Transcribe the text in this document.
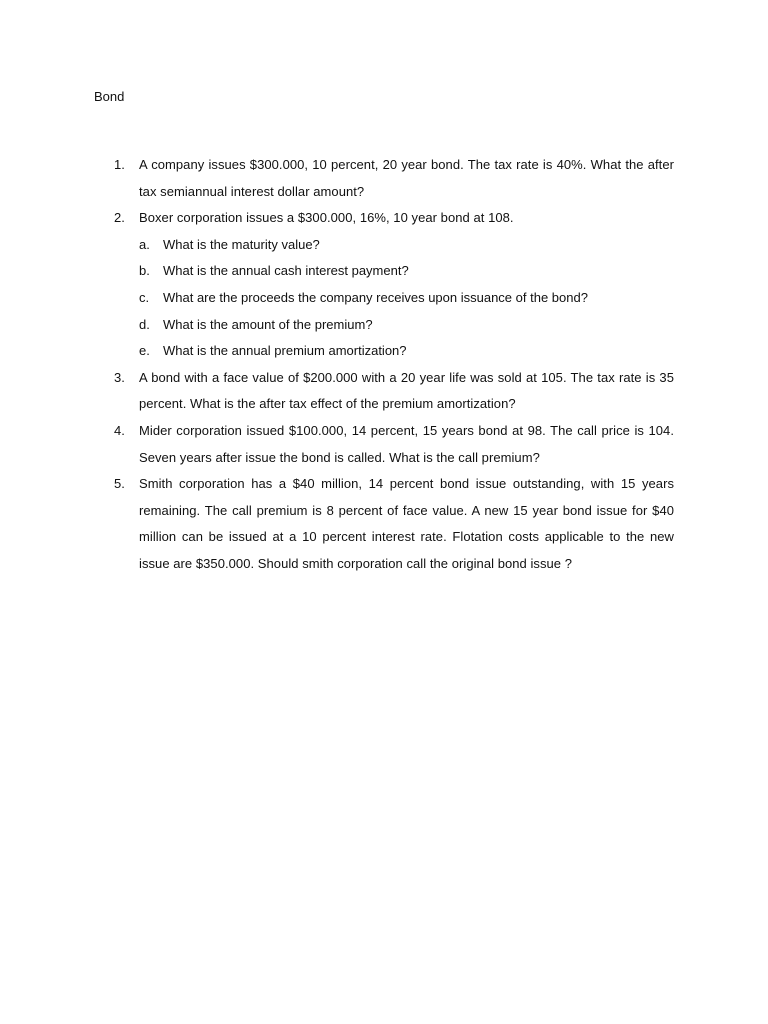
Bond
1. A company issues $300.000, 10 percent, 20 year bond. The tax rate is 40%. What the after tax semiannual interest dollar amount?
2. Boxer corporation issues a $300.000, 16%, 10 year bond at 108.
a. What is the maturity value?
b. What is the annual cash interest payment?
c. What are the proceeds the company receives upon issuance of the bond?
d. What is the amount of the premium?
e. What is the annual premium amortization?
3. A bond with a face value of $200.000 with a 20 year life was sold at 105. The tax rate is 35 percent. What is the after tax effect of the premium amortization?
4. Mider corporation issued $100.000, 14 percent, 15 years bond at 98. The call price is 104. Seven years after issue the bond is called. What is the call premium?
5. Smith corporation has a $40 million, 14 percent bond issue outstanding, with 15 years remaining. The call premium is 8 percent of face value. A new 15 year bond issue for $40 million can be issued at a 10 percent interest rate. Flotation costs applicable to the new issue are $350.000. Should smith corporation call the original bond issue ?
